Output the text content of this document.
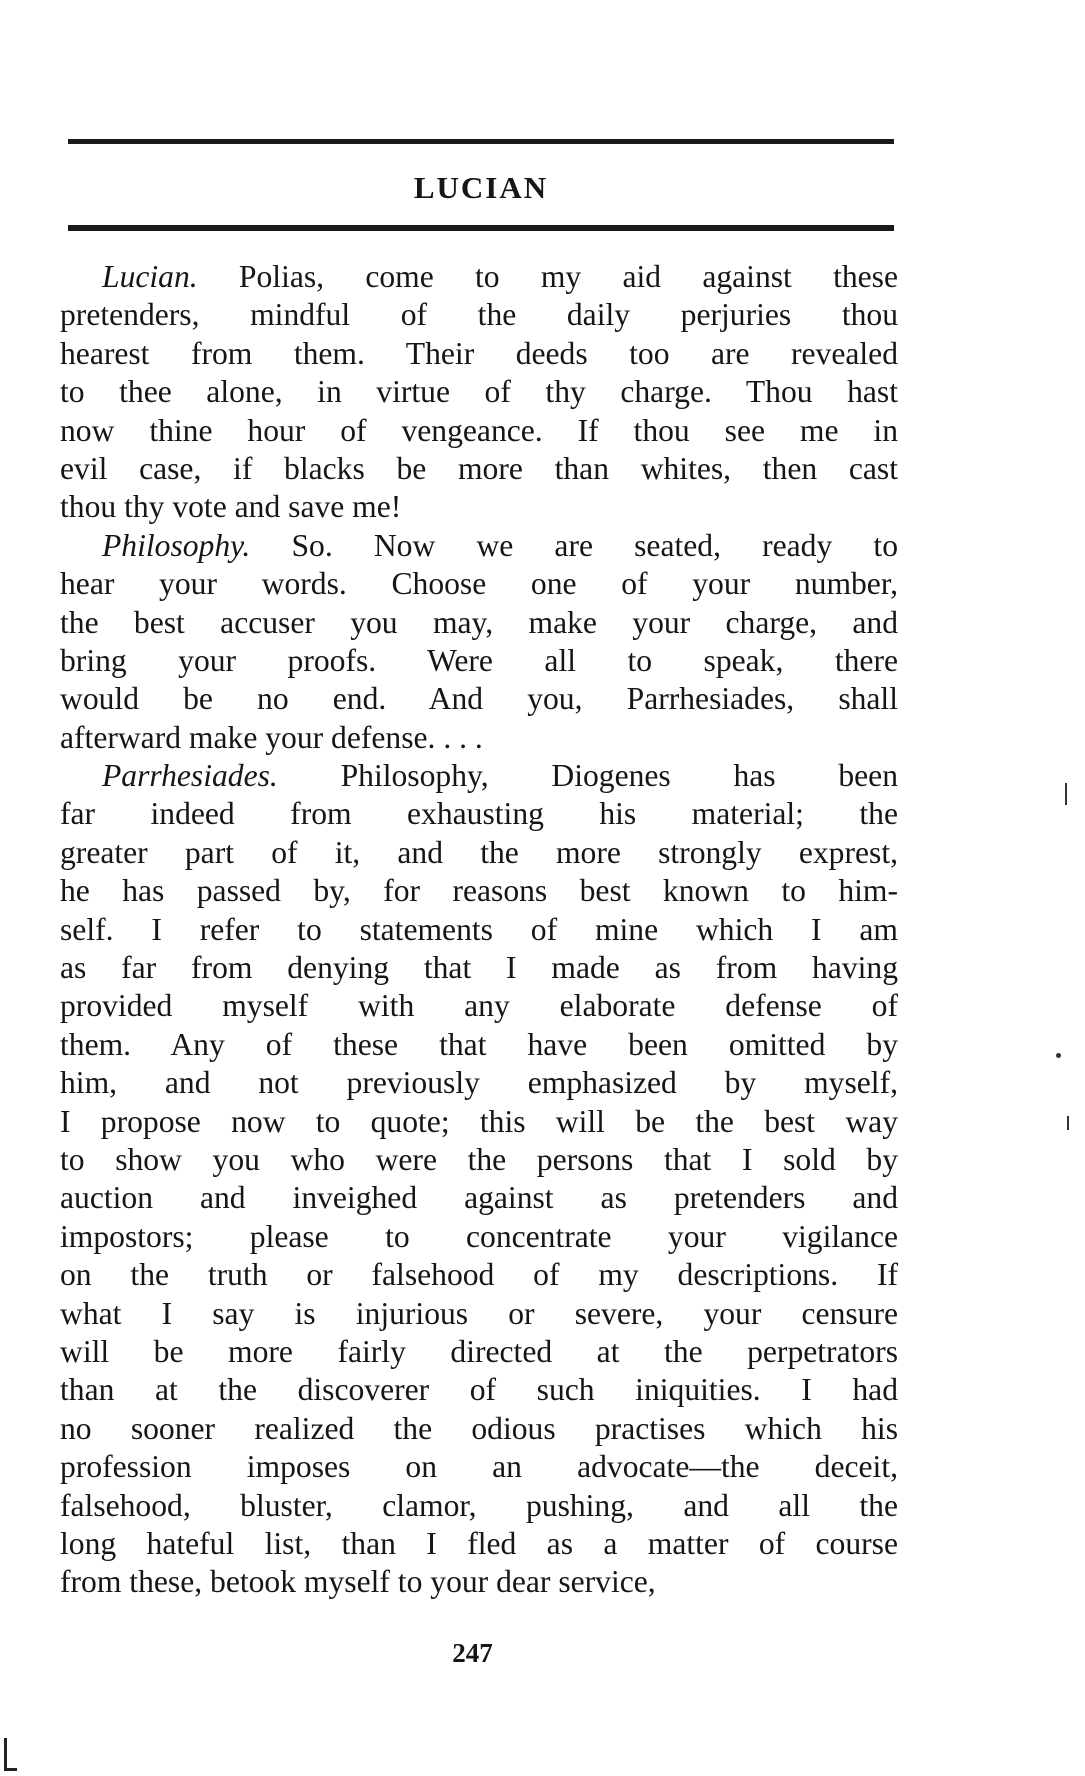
LUCIAN
Lucian. Polias, come to my aid against these
pretenders, mindful of the daily perjuries thou
hearest from them. Their deeds too are revealed
to thee alone, in virtue of thy charge. Thou hast
now thine hour of vengeance. If thou see me in
evil case, if blacks be more than whites, then cast
thou thy vote and save me!
Philosophy. So. Now we are seated, ready to
hear your words. Choose one of your number,
the best accuser you may, make your charge, and
bring your proofs. Were all to speak, there
would be no end. And you, Parrhesiades, shall
afterward make your defense. . . .
Parrhesiades. Philosophy, Diogenes has been
far indeed from exhausting his material; the
greater part of it, and the more strongly exprest,
he has passed by, for reasons best known to him-
self. I refer to statements of mine which I am
as far from denying that I made as from having
provided myself with any elaborate defense of
them. Any of these that have been omitted by
him, and not previously emphasized by myself,
I propose now to quote; this will be the best way
to show you who were the persons that I sold by
auction and inveighed against as pretenders and
impostors; please to concentrate your vigilance
on the truth or falsehood of my descriptions. If
what I say is injurious or severe, your censure
will be more fairly directed at the perpetrators
than at the discoverer of such iniquities. I had
no sooner realized the odious practises which his
profession imposes on an advocate—the deceit,
falsehood, bluster, clamor, pushing, and all the
long hateful list, than I fled as a matter of course
from these, betook myself to your dear service,
247
